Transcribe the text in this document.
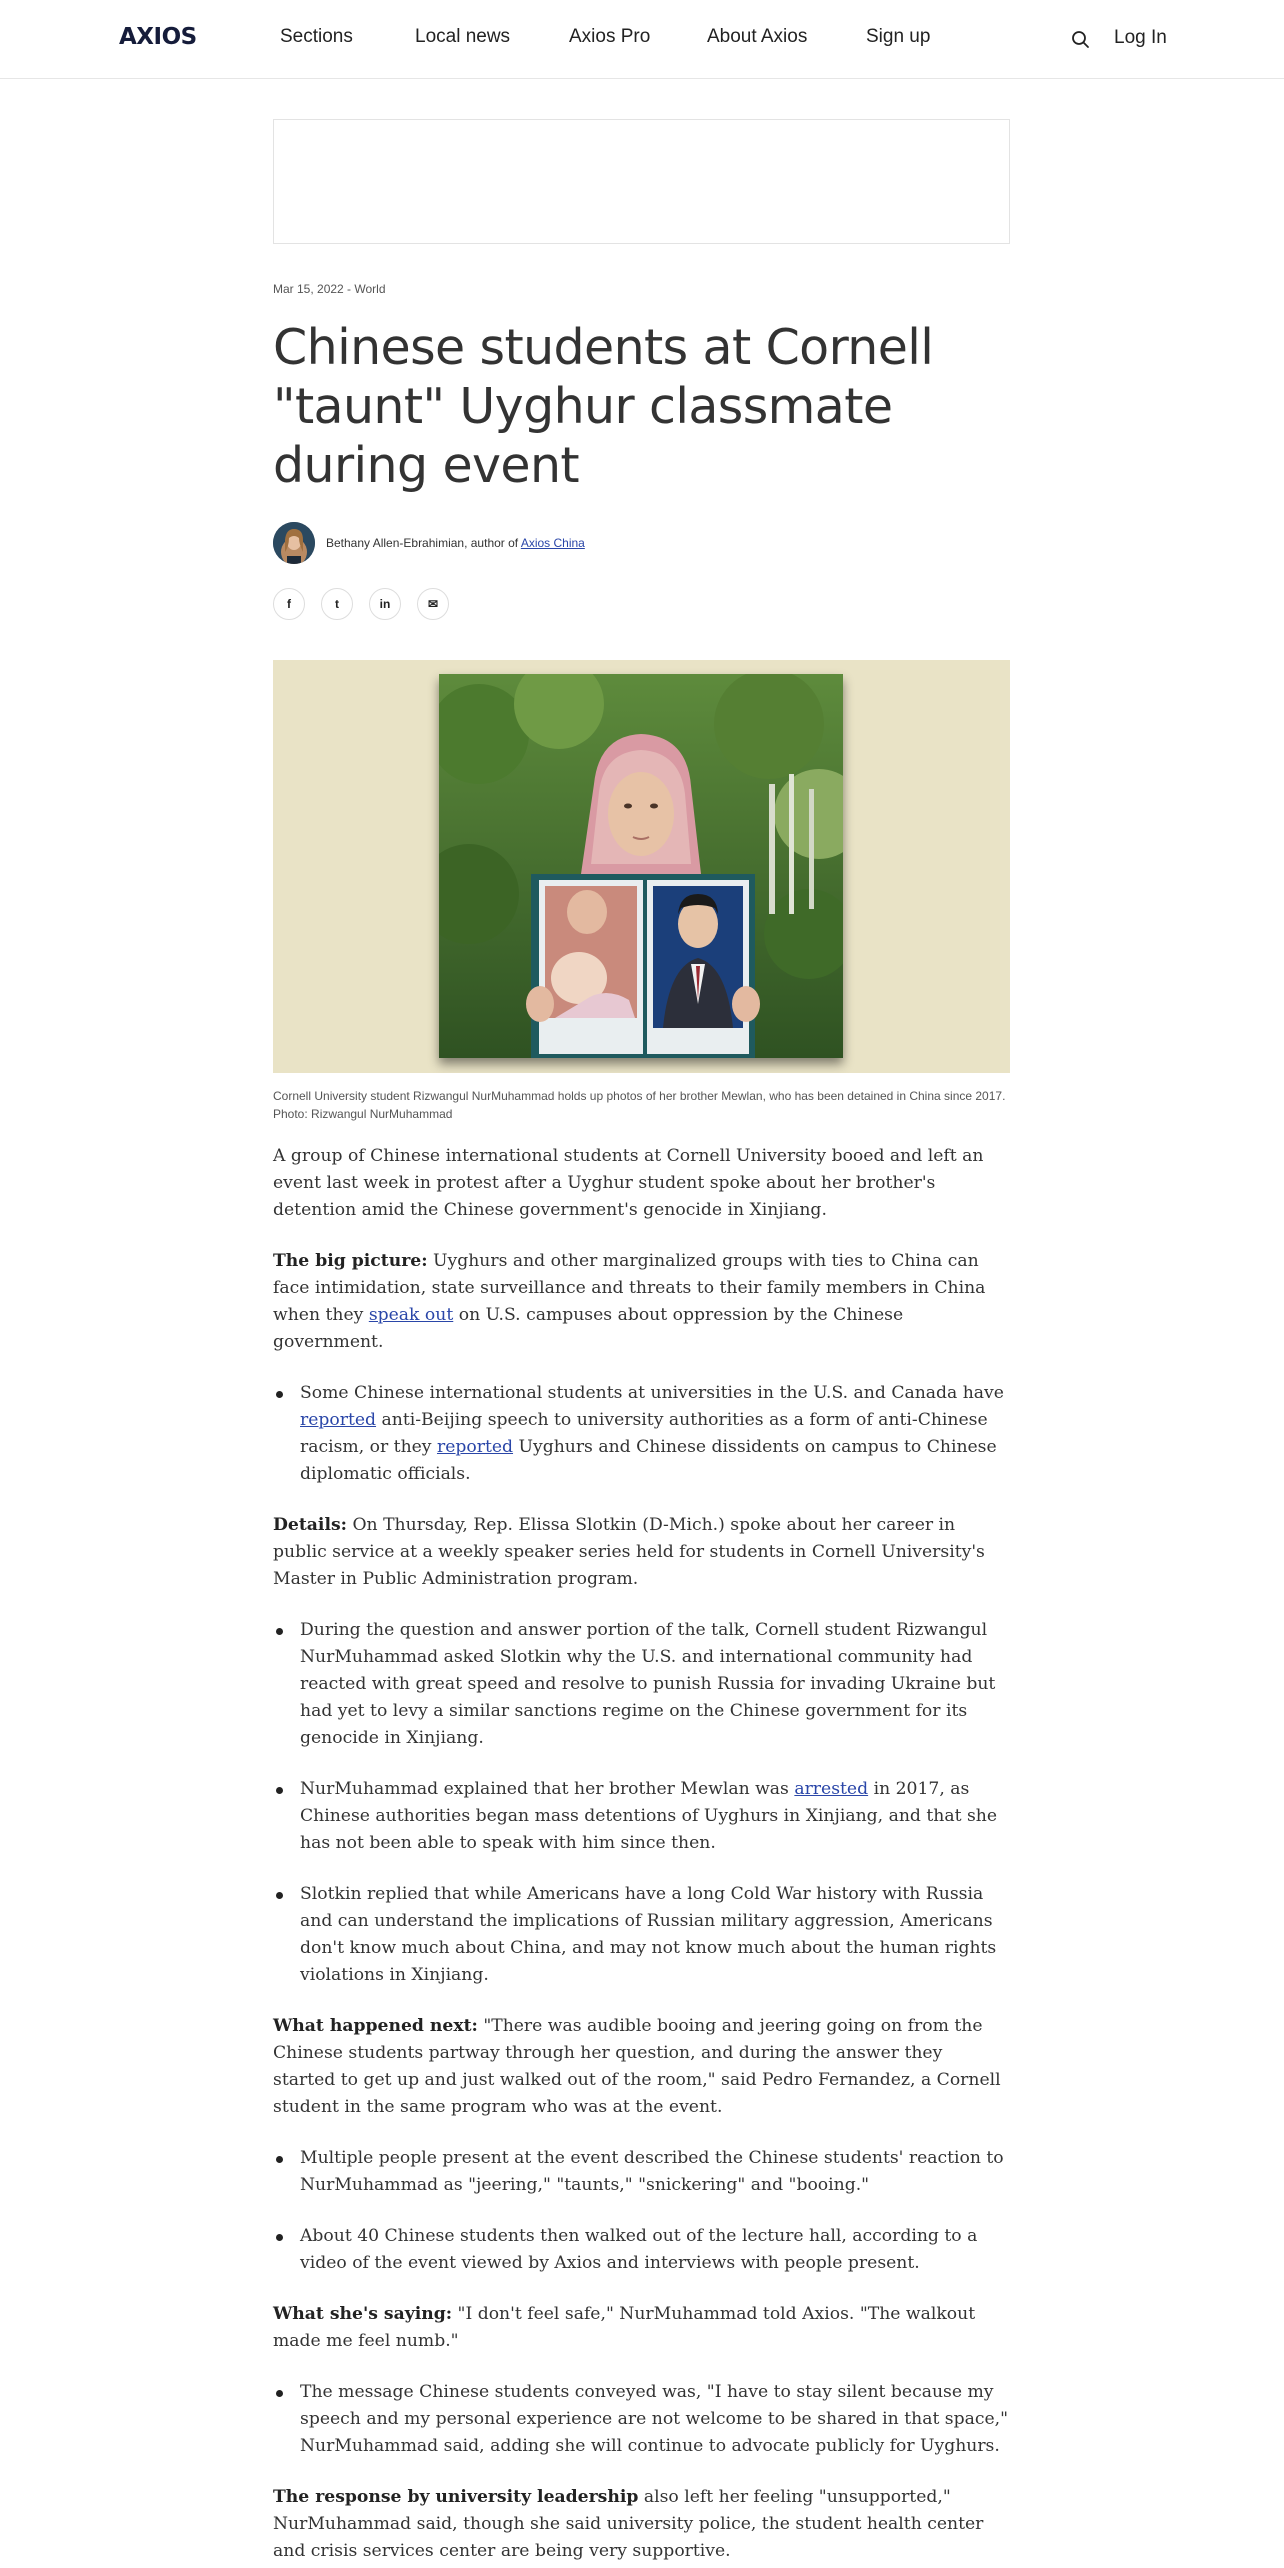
AXIOS	Sections	Local news	Axios Pro	About Axios	Sign up	Log In
Mar 15, 2022 - World
Chinese students at Cornell "taunt" Uyghur classmate during event
Bethany Allen-Ebrahimian, author of Axios China
f	t	in	✉
Cornell University student Rizwangul NurMuhammad holds up photos of her brother Mewlan, who has been detained in China since 2017. Photo: Rizwangul NurMuhammad

A group of Chinese international students at Cornell University booed and left an event last week in protest after a Uyghur student spoke about her brother's detention amid the Chinese government's genocide in Xinjiang.

The big picture: Uyghurs and other marginalized groups with ties to China can face intimidation, state surveillance and threats to their family members in China when they speak out on U.S. campuses about oppression by the Chinese government.

Some Chinese international students at universities in the U.S. and Canada have reported anti-Beijing speech to university authorities as a form of anti-Chinese racism, or they reported Uyghurs and Chinese dissidents on campus to Chinese diplomatic officials.

Details: On Thursday, Rep. Elissa Slotkin (D-Mich.) spoke about her career in public service at a weekly speaker series held for students in Cornell University's Master in Public Administration program.

During the question and answer portion of the talk, Cornell student Rizwangul NurMuhammad asked Slotkin why the U.S. and international community had reacted with great speed and resolve to punish Russia for invading Ukraine but had yet to levy a similar sanctions regime on the Chinese government for its genocide in Xinjiang.
NurMuhammad explained that her brother Mewlan was arrested in 2017, as Chinese authorities began mass detentions of Uyghurs in Xinjiang, and that she has not been able to speak with him since then.
Slotkin replied that while Americans have a long Cold War history with Russia and can understand the implications of Russian military aggression, Americans don't know much about China, and may not know much about the human rights violations in Xinjiang.

What happened next: "There was audible booing and jeering going on from the Chinese students partway through her question, and during the answer they started to get up and just walked out of the room," said Pedro Fernandez, a Cornell student in the same program who was at the event.

Multiple people present at the event described the Chinese students' reaction to NurMuhammad as "jeering," "taunts," "snickering" and "booing."
About 40 Chinese students then walked out of the lecture hall, according to a video of the event viewed by Axios and interviews with people present.

What she's saying: "I don't feel safe," NurMuhammad told Axios. "The walkout made me feel numb."

The message Chinese students conveyed was, "I have to stay silent because my speech and my personal experience are not welcome to be shared in that space," NurMuhammad said, adding she will continue to advocate publicly for Uyghurs.

The response by university leadership also left her feeling "unsupported," NurMuhammad said, though she said university police, the student health center and crisis services center are being very supportive.
